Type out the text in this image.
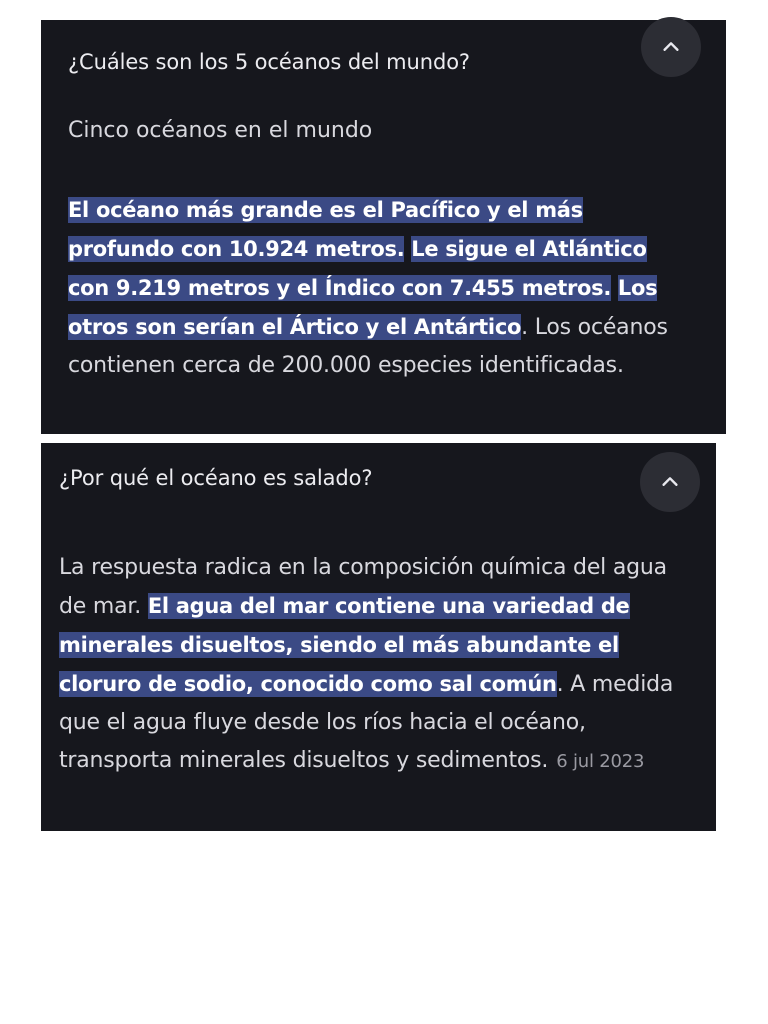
¿Cuáles son los 5 océanos del mundo?
Cinco océanos en el mundo
El océano más grande es el Pacífico y el más profundo con 10.924 metros. Le sigue el Atlántico con 9.219 metros y el Índico con 7.455 metros. Los otros son serían el Ártico y el Antártico. Los océanos contienen cerca de 200.000 especies identificadas.
¿Por qué el océano es salado?
La respuesta radica en la composición química del agua de mar. El agua del mar contiene una variedad de minerales disueltos, siendo el más abundante el cloruro de sodio, conocido como sal común. A medida que el agua fluye desde los ríos hacia el océano, transporta minerales disueltos y sedimentos. 6 jul 2023
